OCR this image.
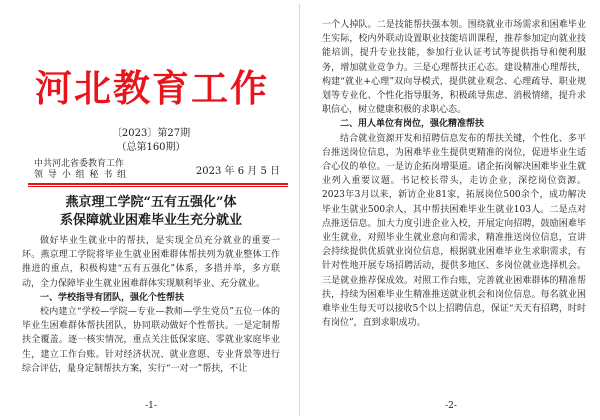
河北教育工作
〔2023〕第27期
（总第160期）
中共河北省委教育工作
领 导 小 组 秘 书 组	2023 年 6 月 5 日
燕京理工学院“五有五强化”体
系保障就业困难毕业生充分就业

做好毕业生就业中的帮扶，是实现全员充分就业的重要一环。燕京理工学院将毕业生就业困难群体帮扶列为就业整体工作推进的重点，积极构建“五有五强化”体系，多措并举，多方联动，全力保障毕业生就业困难群体实现顺利毕业、充分就业。

一、学校指导有团队，强化个性帮扶

校内建立“学校—学院—专业—教师—学生党员”五位一体的毕业生困难群体帮扶团队，协同联动做好个性帮扶。一是定制帮扶全覆盖。逐一核实情况，重点关注低保家庭、零就业家庭毕业生，建立工作台账。针对经济状况、就业意愿、专业背景等进行综合评估，量身定制帮扶方案，实行“一对一”帮扶，不让

-1-

一个人掉队。二是技能帮扶强本领。围绕就业市场需求和困难毕业生实际，校内外联动设置职业技能培训课程，推荐参加定向就业技能培训，提升专业技能，参加行业认证考试等提供指导和便利服务，增加就业竞争力。三是心理帮扶正心态。建设精准心理帮扶，构建“就业+心理”双向导模式，提供就业观念、心理疏导、职业规划等专业化、个性化指导服务，积极疏导焦虑、消极情绪，提升求职信心，树立健康积极的求职心态。

二、用人单位有岗位，强化精准帮扶

结合就业资源开发和招聘信息发布的帮扶关键，个性化、多平台推送岗位信息，为困难毕业生提供更精准的岗位，促进毕业生适合心仪的单位。一是访企拓岗增渠道。诸企拓岗解决困难毕业生就业列入重要议题。书记校长带头，走访企业，深挖岗位资源。2023年3月以来，新访企业81家，拓展岗位500余个，成功解决毕业生就业500余人，其中帮扶困难毕业生就业103人。二是点对点推送信息。加大力度引进企业入校，开展定向招聘，鼓励困难毕业生就业，对照毕业生就业意向和需求，精准推送岗位信息，宣讲会持续提供优质就业岗位信息，根据就业困难毕业生求职需求，有针对性地开展专场招聘活动，提供多地区、多岗位就业选择机会。三是就业推荐保成效。对照工作台账，完善就业困难群体的精准帮扶，持续为困难毕业生精准推送就业机会和岗位信息。每名就业困难毕业生每天可以接收5个以上招聘信息，保证“天天有招聘，时时有岗位”，直到求职成功。

-2-
